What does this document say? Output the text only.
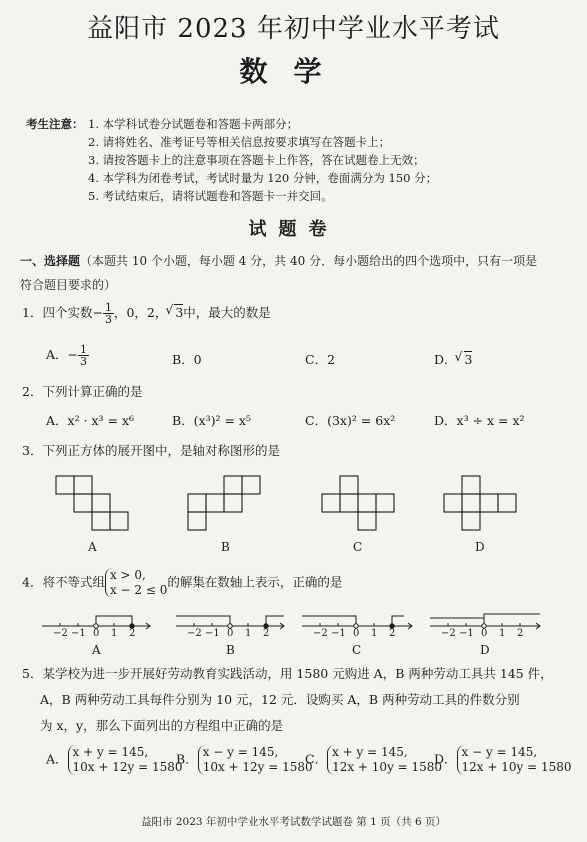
益阳市 2023 年初中学业水平考试
数学
考生注意： 1. 本学科试卷分试题卷和答题卡两部分；
2. 请将姓名、准考证号等相关信息按要求填写在答题卡上；
3. 请按答题卡上的注意事项在答题卡上作答，答在试题卷上无效；
4. 本学科为闭卷考试，考试时量为 120 分钟，卷面满分为 150 分；
5. 考试结束后，请将试题卷和答题卡一并交回。
试题卷
一、选择题（本题共 10 个小题，每小题 4 分，共 40 分．每小题给出的四个选项中，只有一项是
符合题目要求的）
1．四个实数− $\frac{1}{3}$ ，0，2， √ 3中，最大的数是
A．− $\frac{1}{3}$	B．0	C．2	D． √ 3
2．下列计算正确的是
A．x² · x³ = x⁶	B．(x³)² = x⁵	C．(3x)² = 6x²	D．x³ ÷ x = x²
3．下列正方体的展开图中，是轴对称图形的是
A	B	C	D
4．将不等式组 x > 0,
x − 2 ≤ 0
的解集在数轴上表示，正确的是
−2 −1 0 1 2	−2 −1 0 1 2	−2 −1 0 1 2	−2 −1 0 1 2
A	B	C	D
5．某学校为进一步开展好劳动教育实践活动，用 1580 元购进 A，B 两种劳动工具共 145 件，
A，B 两种劳动工具每件分别为 10 元，12 元．设购买 A，B 两种劳动工具的件数分别
为 x，y，那么下面列出的方程组中正确的是
A． x + y = 145,
10x + 12y = 1580
B． x − y = 145,
10x + 12y = 1580
C． x + y = 145,
12x + 10y = 1580
D． x − y = 145,
12x + 10y = 1580
益阳市 2023 年初中学业水平考试数学试题卷 第 1 页（共 6 页）
